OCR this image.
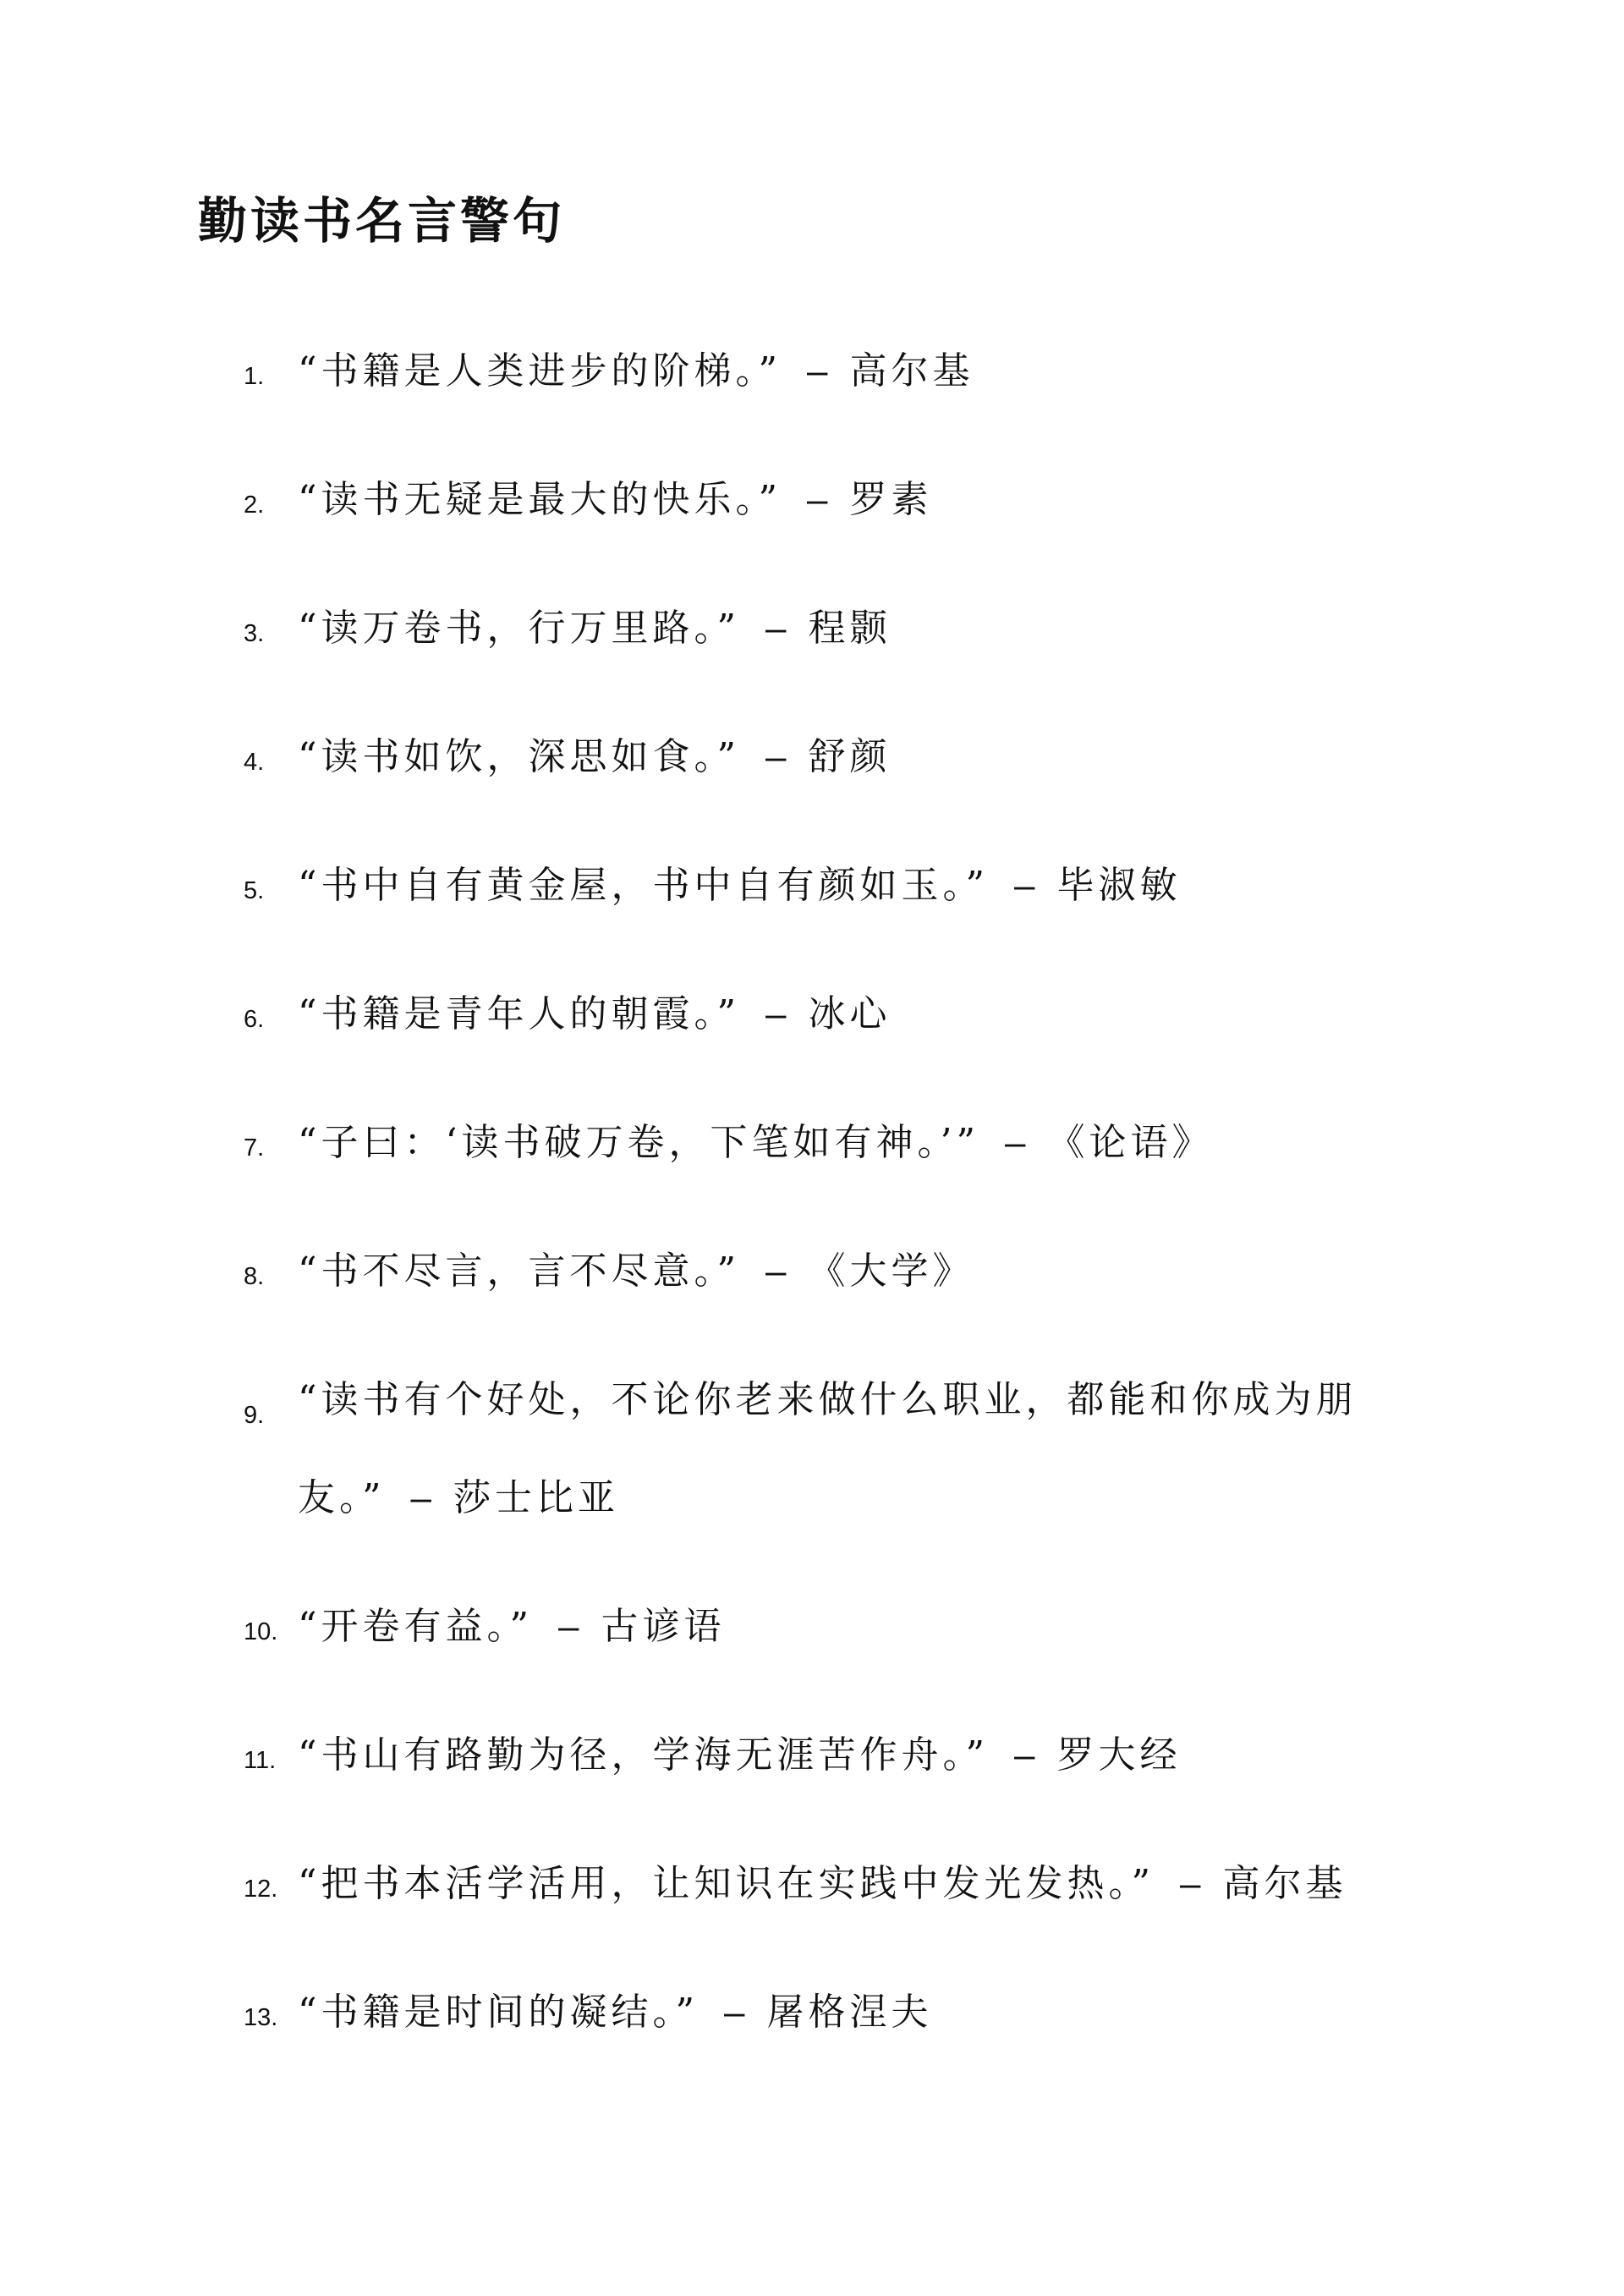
勤读书名言警句
1. “书籍是人类进步的阶梯。” – 高尔基
2. “读书无疑是最大的快乐。” – 罗素
3. “读万卷书，行万里路。” – 程颢
4. “读书如饮，深思如食。” – 舒颜
5. “书中自有黄金屋，书中自有颜如玉。” – 毕淑敏
6. “书籍是青年人的朝霞。” – 冰心
7. “子曰：‘读书破万卷，下笔如有神。’” – 《论语》
8. “书不尽言，言不尽意。” – 《大学》
9. “读书有个好处，不论你老来做什么职业，都能和你成为朋友。” – 莎士比亚
10. “开卷有益。” – 古谚语
11. “书山有路勤为径，学海无涯苦作舟。” – 罗大经
12. “把书本活学活用，让知识在实践中发光发热。” – 高尔基
13. “书籍是时间的凝结。” – 屠格涅夫
